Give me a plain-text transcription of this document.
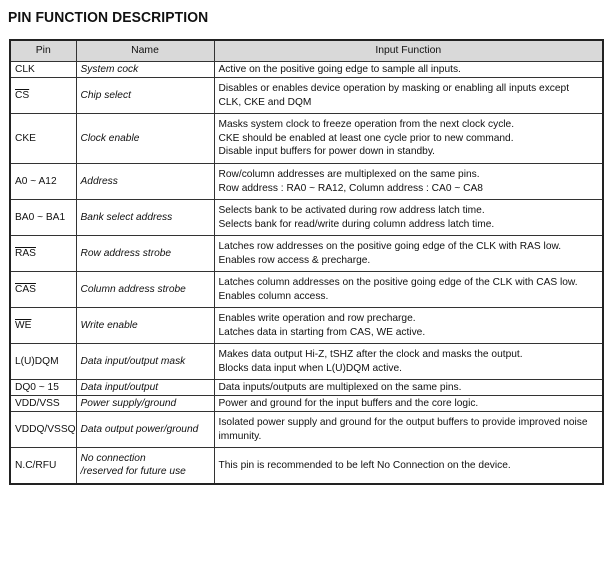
PIN FUNCTION DESCRIPTION
Pin	Name	Input Function
CLK	System cock	Active on the positive going edge to sample all inputs.

$\overline{CS}$	Chip select	Disables or enables device operation by masking or enabling all inputs except
CLK, CKE and DQM

CKE	Clock enable	Masks system clock to freeze operation from the next clock cycle.
CKE should be enabled at least one cycle prior to new command.
Disable input buffers for power down in standby.

A0 ~ A12	Address	Row/column addresses are multiplexed on the same pins.
Row address : RA0 ~ RA12, Column address : CA0 ~ CA8

BA0 ~ BA1	Bank select address	Selects bank to be activated during row address latch time.
Selects bank for read/write during column address latch time.

$\overline{RAS}$	Row address strobe	Latches row addresses on the positive going edge of the CLK with RAS low.
Enables row access & precharge.

$\overline{CAS}$	Column address strobe	Latches column addresses on the positive going edge of the CLK with CAS low.
Enables column access.

$\overline{WE}$	Write enable	Enables write operation and row precharge.
Latches data in starting from CAS, WE active.

L(U)DQM	Data input/output mask	Makes data output Hi-Z, tSHZ after the clock and masks the output.
Blocks data input when L(U)DQM active.

DQ0 ~ 15	Data input/output	Data inputs/outputs are multiplexed on the same pins.

VDD/VSS	Power supply/ground	Power and ground for the input buffers and the core logic.

VDDQ/VSSQ	Data output power/ground	Isolated power supply and ground for the output buffers to provide improved noise
immunity.

N.C/RFU	No connection
/reserved for future use	This pin is recommended to be left No Connection on the device.
